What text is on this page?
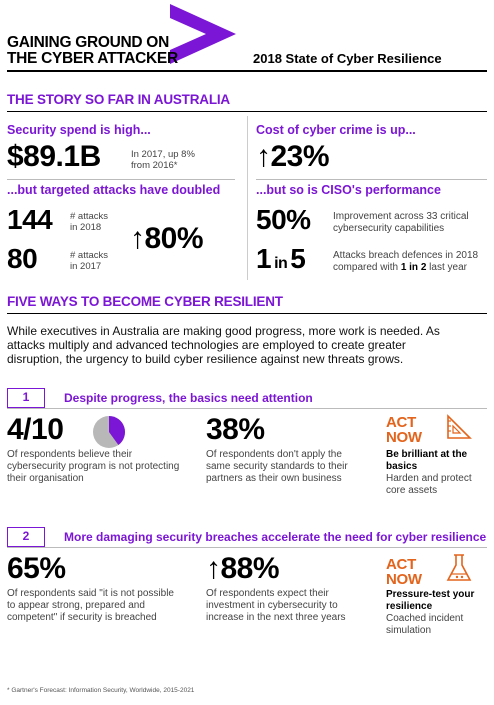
GAINING GROUND ON
THE CYBER ATTACKER	2018 State of Cyber Resilience
THE STORY SO FAR IN AUSTRALIA
Security spend is high...
$89.1B	In 2017, up 8%
from 2016*
...but targeted attacks have doubled
144 # attacks
in 2018
80	# attacks
in 2017
↑80%
Cost of cyber crime is up...
↑23%
...but so is CISO's performance
50% Improvement across 33 critical
cybersecurity capabilities
1 in 5	Attacks breach defences in 2018
compared with 1 in 2 last year
FIVE WAYS TO BECOME CYBER RESILIENT
While executives in Australia are making good progress, more work is needed. As
attacks multiply and advanced technologies are employed to create greater
disruption, the urgency to build cyber resilience against new threats grows.
1	Despite progress, the basics need attention
4/10
Of respondents believe their
cybersecurity program is not protecting
their organisation
38%
Of respondents don't apply the
same security standards to their
partners as their own business
ACT
NOW
Be brilliant at the
basics
Harden and protect
core assets
2	More damaging security breaches accelerate the need for cyber resilience
65%
Of respondents said "it is not possible
to appear strong, prepared and
competent" if security is breached
↑88%
Of respondents expect their
investment in cybersecurity to
increase in the next three years
ACT
NOW
Pressure-test your
resilience
Coached incident
simulation
* Gartner's Forecast: Information Security, Worldwide, 2015-2021
